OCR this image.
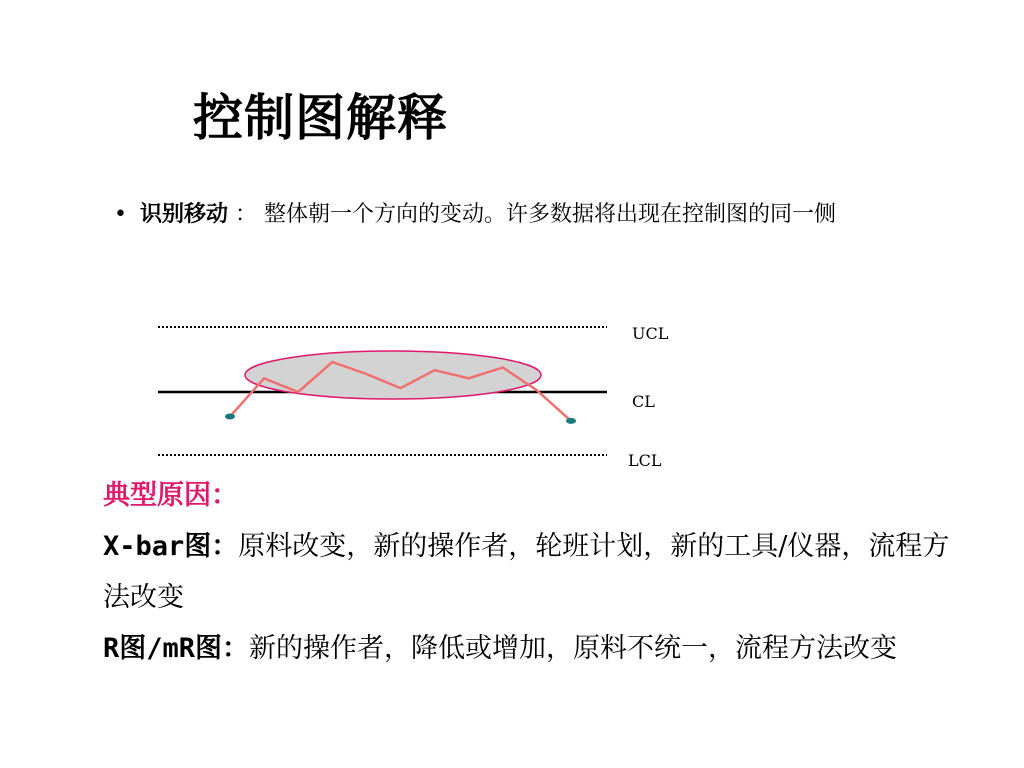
控制图解释
• 识别移动 ： 整体朝一个方向的变动。许多数据将出现在控制图的同一侧
UCL
CL
LCL
典型原因：
X-bar图：原料改变，新的操作者，轮班计划，新的工具/仪器，流程方法改变
R图/mR图：新的操作者，降低或增加，原料不统一，流程方法改变
